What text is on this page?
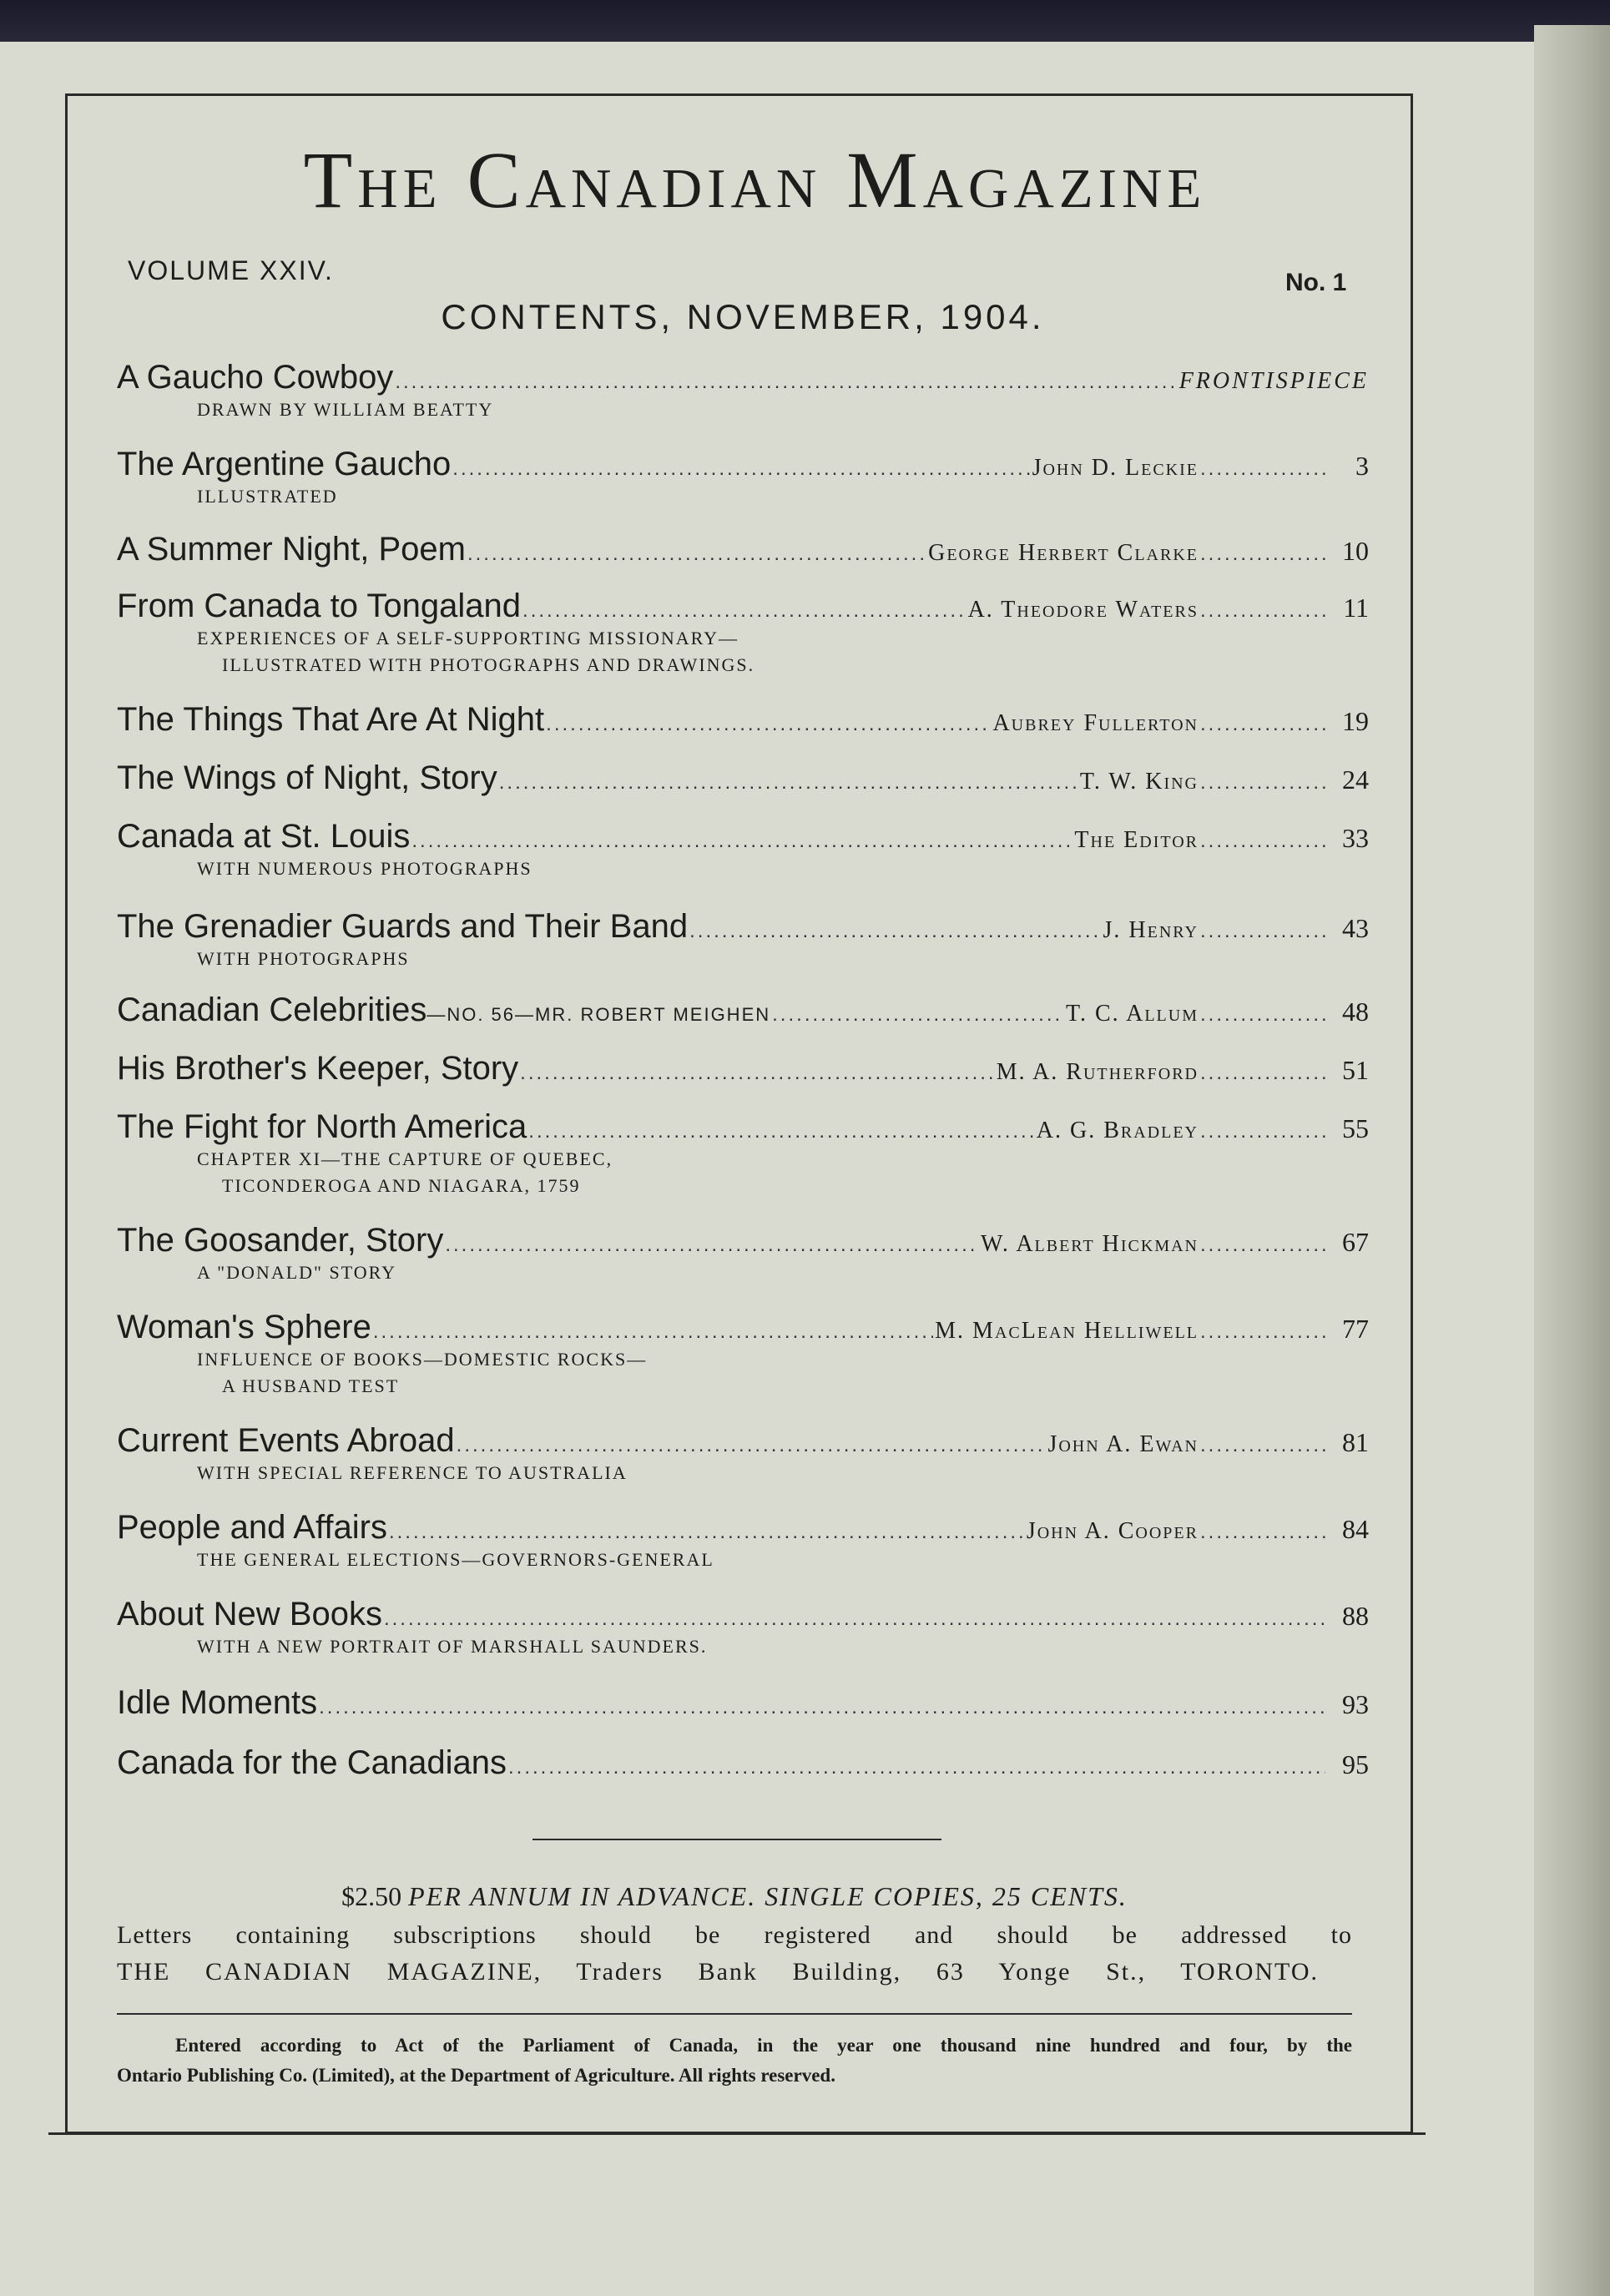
The Canadian Magazine
VOLUME XXIV.	No. 1
CONTENTS, NOVEMBER, 1904.
A Gaucho Cowboy .....	FRONTISPIECE
DRAWN BY WILLIAM BEATTY
The Argentine Gaucho .....	John D. Leckie .....	3
ILLUSTRATED
A Summer Night, Poem .....	George Herbert Clarke .....	10
From Canada to Tongaland .....	A. Theodore Waters .....	11
EXPERIENCES OF A SELF-SUPPORTING MISSIONARY—
ILLUSTRATED WITH PHOTOGRAPHS AND DRAWINGS.
The Things That Are At Night .....	Aubrey Fullerton .....	19
The Wings of Night, Story .....	T. W. King .....	24
Canada at St. Louis .....	The Editor .....	33
WITH NUMEROUS PHOTOGRAPHS
The Grenadier Guards and Their Band .....	J. Henry .....	43
WITH PHOTOGRAPHS
Canadian Celebrities —NO. 56—MR. ROBERT MEIGHEN .....	T. C. Allum .....	48
His Brother's Keeper, Story .....	M. A. Rutherford .....	51
The Fight for North America .....	A. G. Bradley .....	55
CHAPTER XI—THE CAPTURE OF QUEBEC,
TICONDEROGA AND NIAGARA, 1759
The Goosander, Story .....	W. Albert Hickman .....	67
A "DONALD" STORY
Woman's Sphere .....	M. MacLean Helliwell .....	77
INFLUENCE OF BOOKS—DOMESTIC ROCKS—
A HUSBAND TEST
Current Events Abroad .....	John A. Ewan .....	81
WITH SPECIAL REFERENCE TO AUSTRALIA
People and Affairs .....	John A. Cooper .....	84
THE GENERAL ELECTIONS—GOVERNORS-GENERAL
About New Books .....	88
WITH A NEW PORTRAIT OF MARSHALL SAUNDERS.
Idle Moments .....	93
Canada for the Canadians .....	95
$2.50 PER ANNUM IN ADVANCE. SINGLE COPIES, 25 CENTS.
Letters containing subscriptions should be registered and should be addressed to
THE CANADIAN MAGAZINE, Traders Bank Building, 63 Yonge St., TORONTO.
Entered according to Act of the Parliament of Canada, in the year one thousand nine hundred and four, by the
Ontario Publishing Co. (Limited), at the Department of Agriculture. All rights reserved.
